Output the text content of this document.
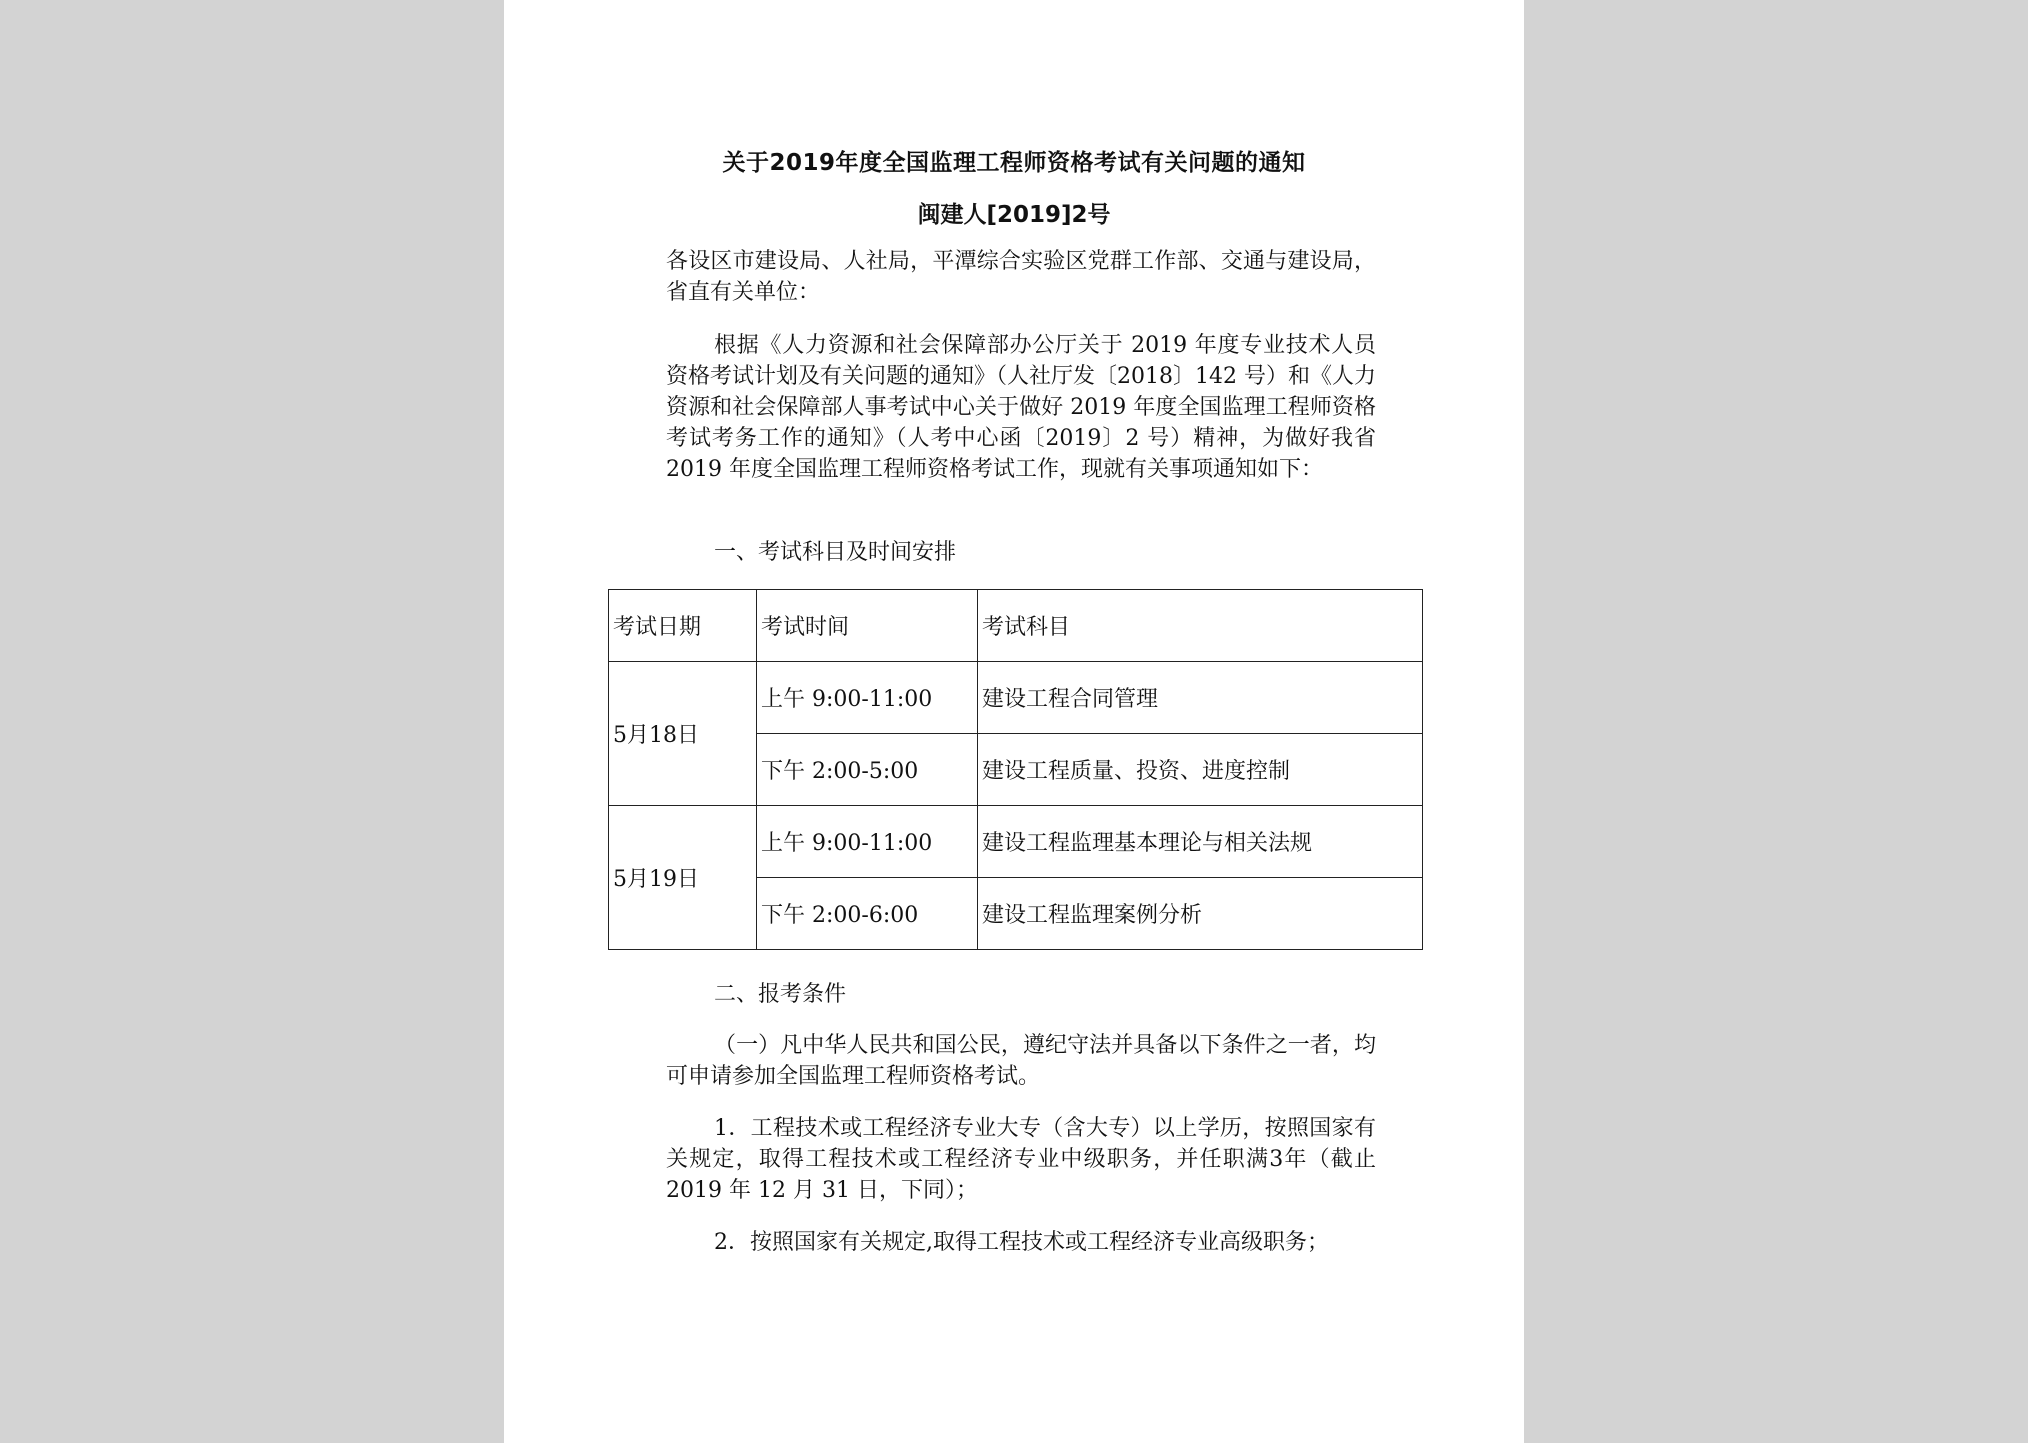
关于2019年度全国监理工程师资格考试有关问题的通知
闽建人[2019]2号
各设区市建设局、人社局，平潭综合实验区党群工作部、交通与建设局，省直有关单位：
根据《人力资源和社会保障部办公厅关于 2019 年度专业技术人员资格考试计划及有关问题的通知》（人社厅发〔2018〕142 号）和《人力资源和社会保障部人事考试中心关于做好 2019 年度全国监理工程师资格考试考务工作的通知》（人考中心函〔2019〕2 号）精神，为做好我省 2019 年度全国监理工程师资格考试工作，现就有关事项通知如下：
一、考试科目及时间安排
考试日期	考试时间	考试科目
5月18日	上午 9:00-11:00	建设工程合同管理
	下午 2:00-5:00	建设工程质量、投资、进度控制
5月19日	上午 9:00-11:00	建设工程监理基本理论与相关法规
	下午 2:00-6:00	建设工程监理案例分析
二、报考条件
（一）凡中华人民共和国公民，遵纪守法并具备以下条件之一者，均可申请参加全国监理工程师资格考试。
1．工程技术或工程经济专业大专（含大专）以上学历，按照国家有关规定，取得工程技术或工程经济专业中级职务，并任职满3年（截止 2019 年 12 月 31 日，下同）；
2．按照国家有关规定,取得工程技术或工程经济专业高级职务；
